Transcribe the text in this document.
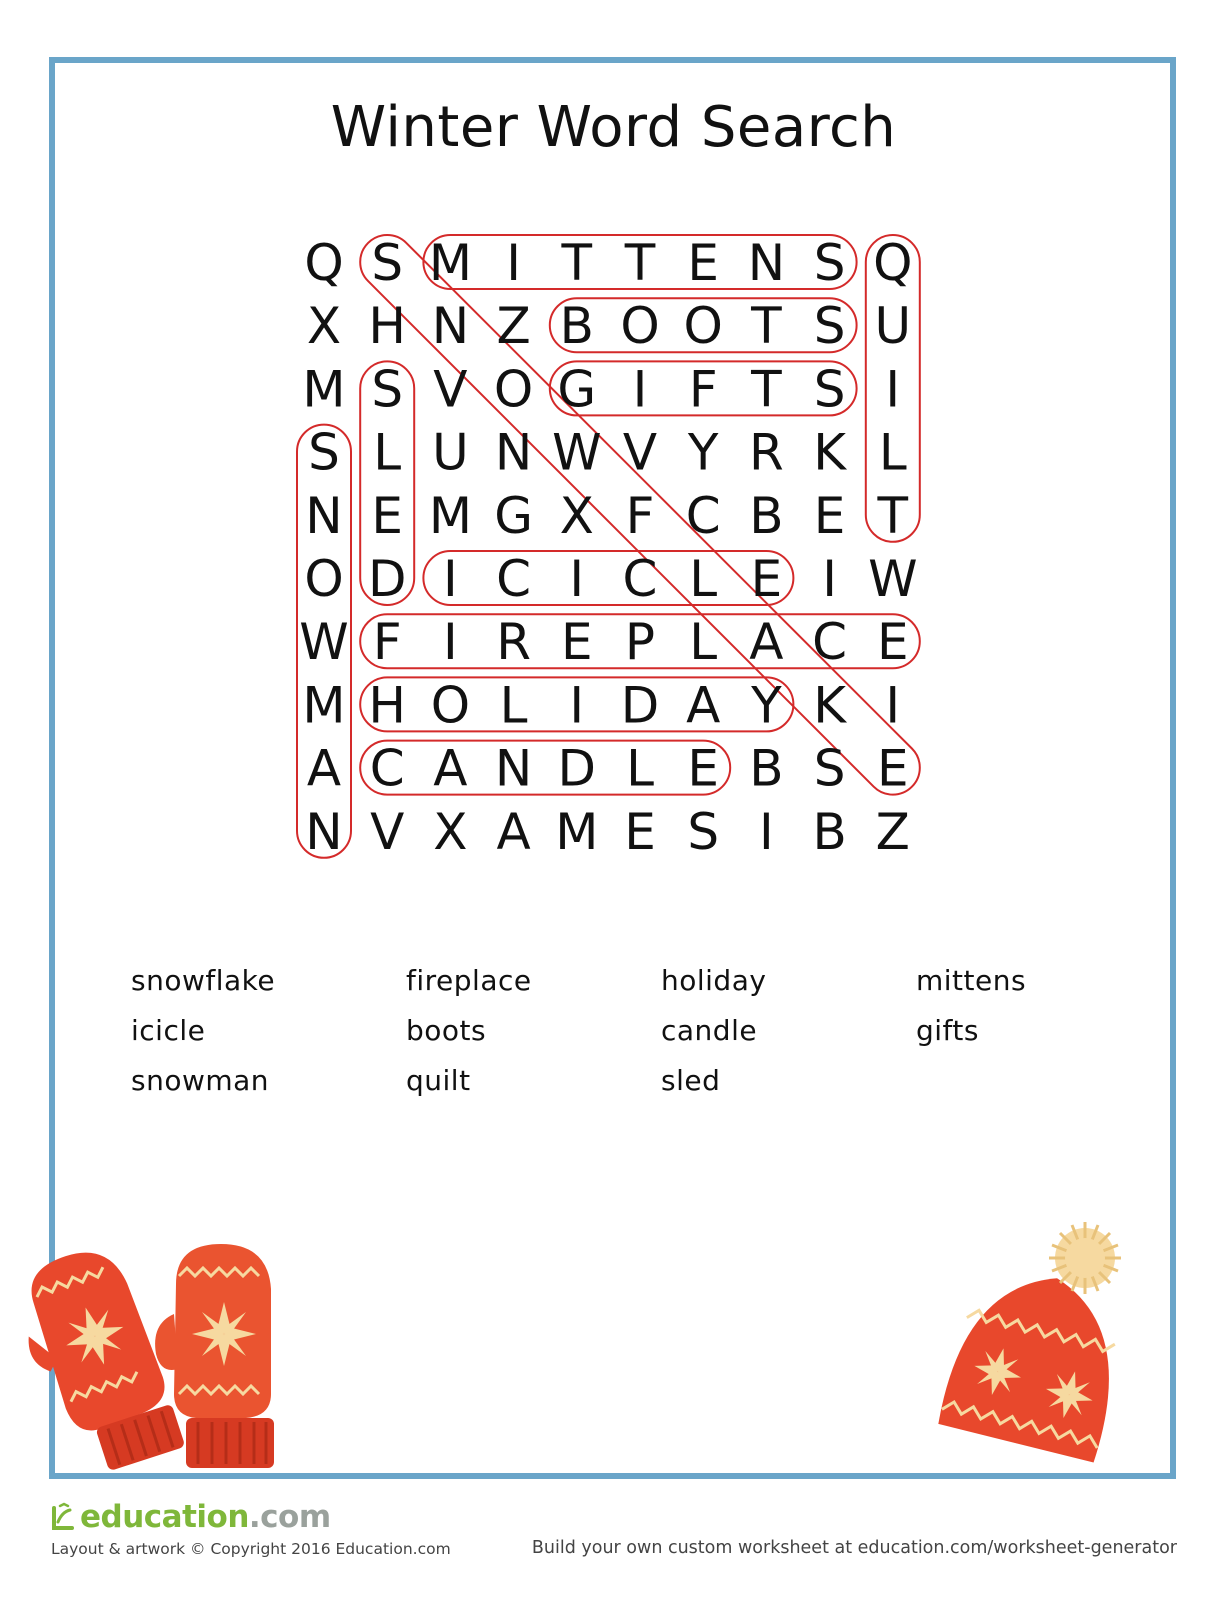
Winter Word Search
Q S M I T T E N S Q
X H N Z B O O T S U
M S V O G I F T S I
S L U N W V Y R K L
N E M G X F C B E T
O D I C I C L E I W
W F I R E P L A C E
M H O L I D A Y K I
A C A N D L E B S E
N V X A M E S I B Z
snowflake
icicle
snowman
fireplace
boots
quilt
holiday
candle
sled
mittens
gifts
education.com
Layout & artwork © Copyright 2016 Education.com	Build your own custom worksheet at education.com/worksheet-generator
